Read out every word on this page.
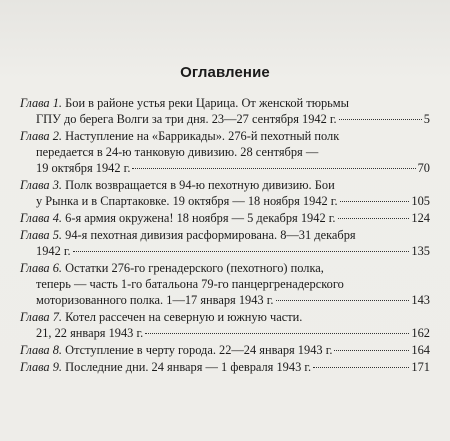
Оглавление
Глава 1.
Бои в районе устья реки Царица. От женской тюрьмы
ГПУ до берега Волги за три дня. 23—27 сентября 1942 г.	5
Глава 2.
Наступление на «Баррикады». 276-й пехотный полк
передается в 24-ю танковую дивизию. 28 сентября —
19 октября 1942 г.	70
Глава 3.
Полк возвращается в 94-ю пехотную дивизию. Бои
у Рынка и в Спартаковке. 19 октября — 18 ноября 1942 г.	105
Глава 4.
6-я армия окружена! 18 ноября — 5 декабря 1942 г.	124
Глава 5.
94-я пехотная дивизия расформирована. 8—31 декабря
1942 г.	135
Глава 6.
Остатки 276-го гренадерского (пехотного) полка,
теперь — часть 1-го батальона 79-го панцергренадерского
моторизованного полка. 1—17 января 1943 г.	143
Глава 7.
Котел рассечен на северную и южную части.
21, 22 января 1943 г.	162
Глава 8.
Отступление в черту города. 22—24 января 1943 г.	164
Глава 9.
Последние дни. 24 января — 1 февраля 1943 г.	171
